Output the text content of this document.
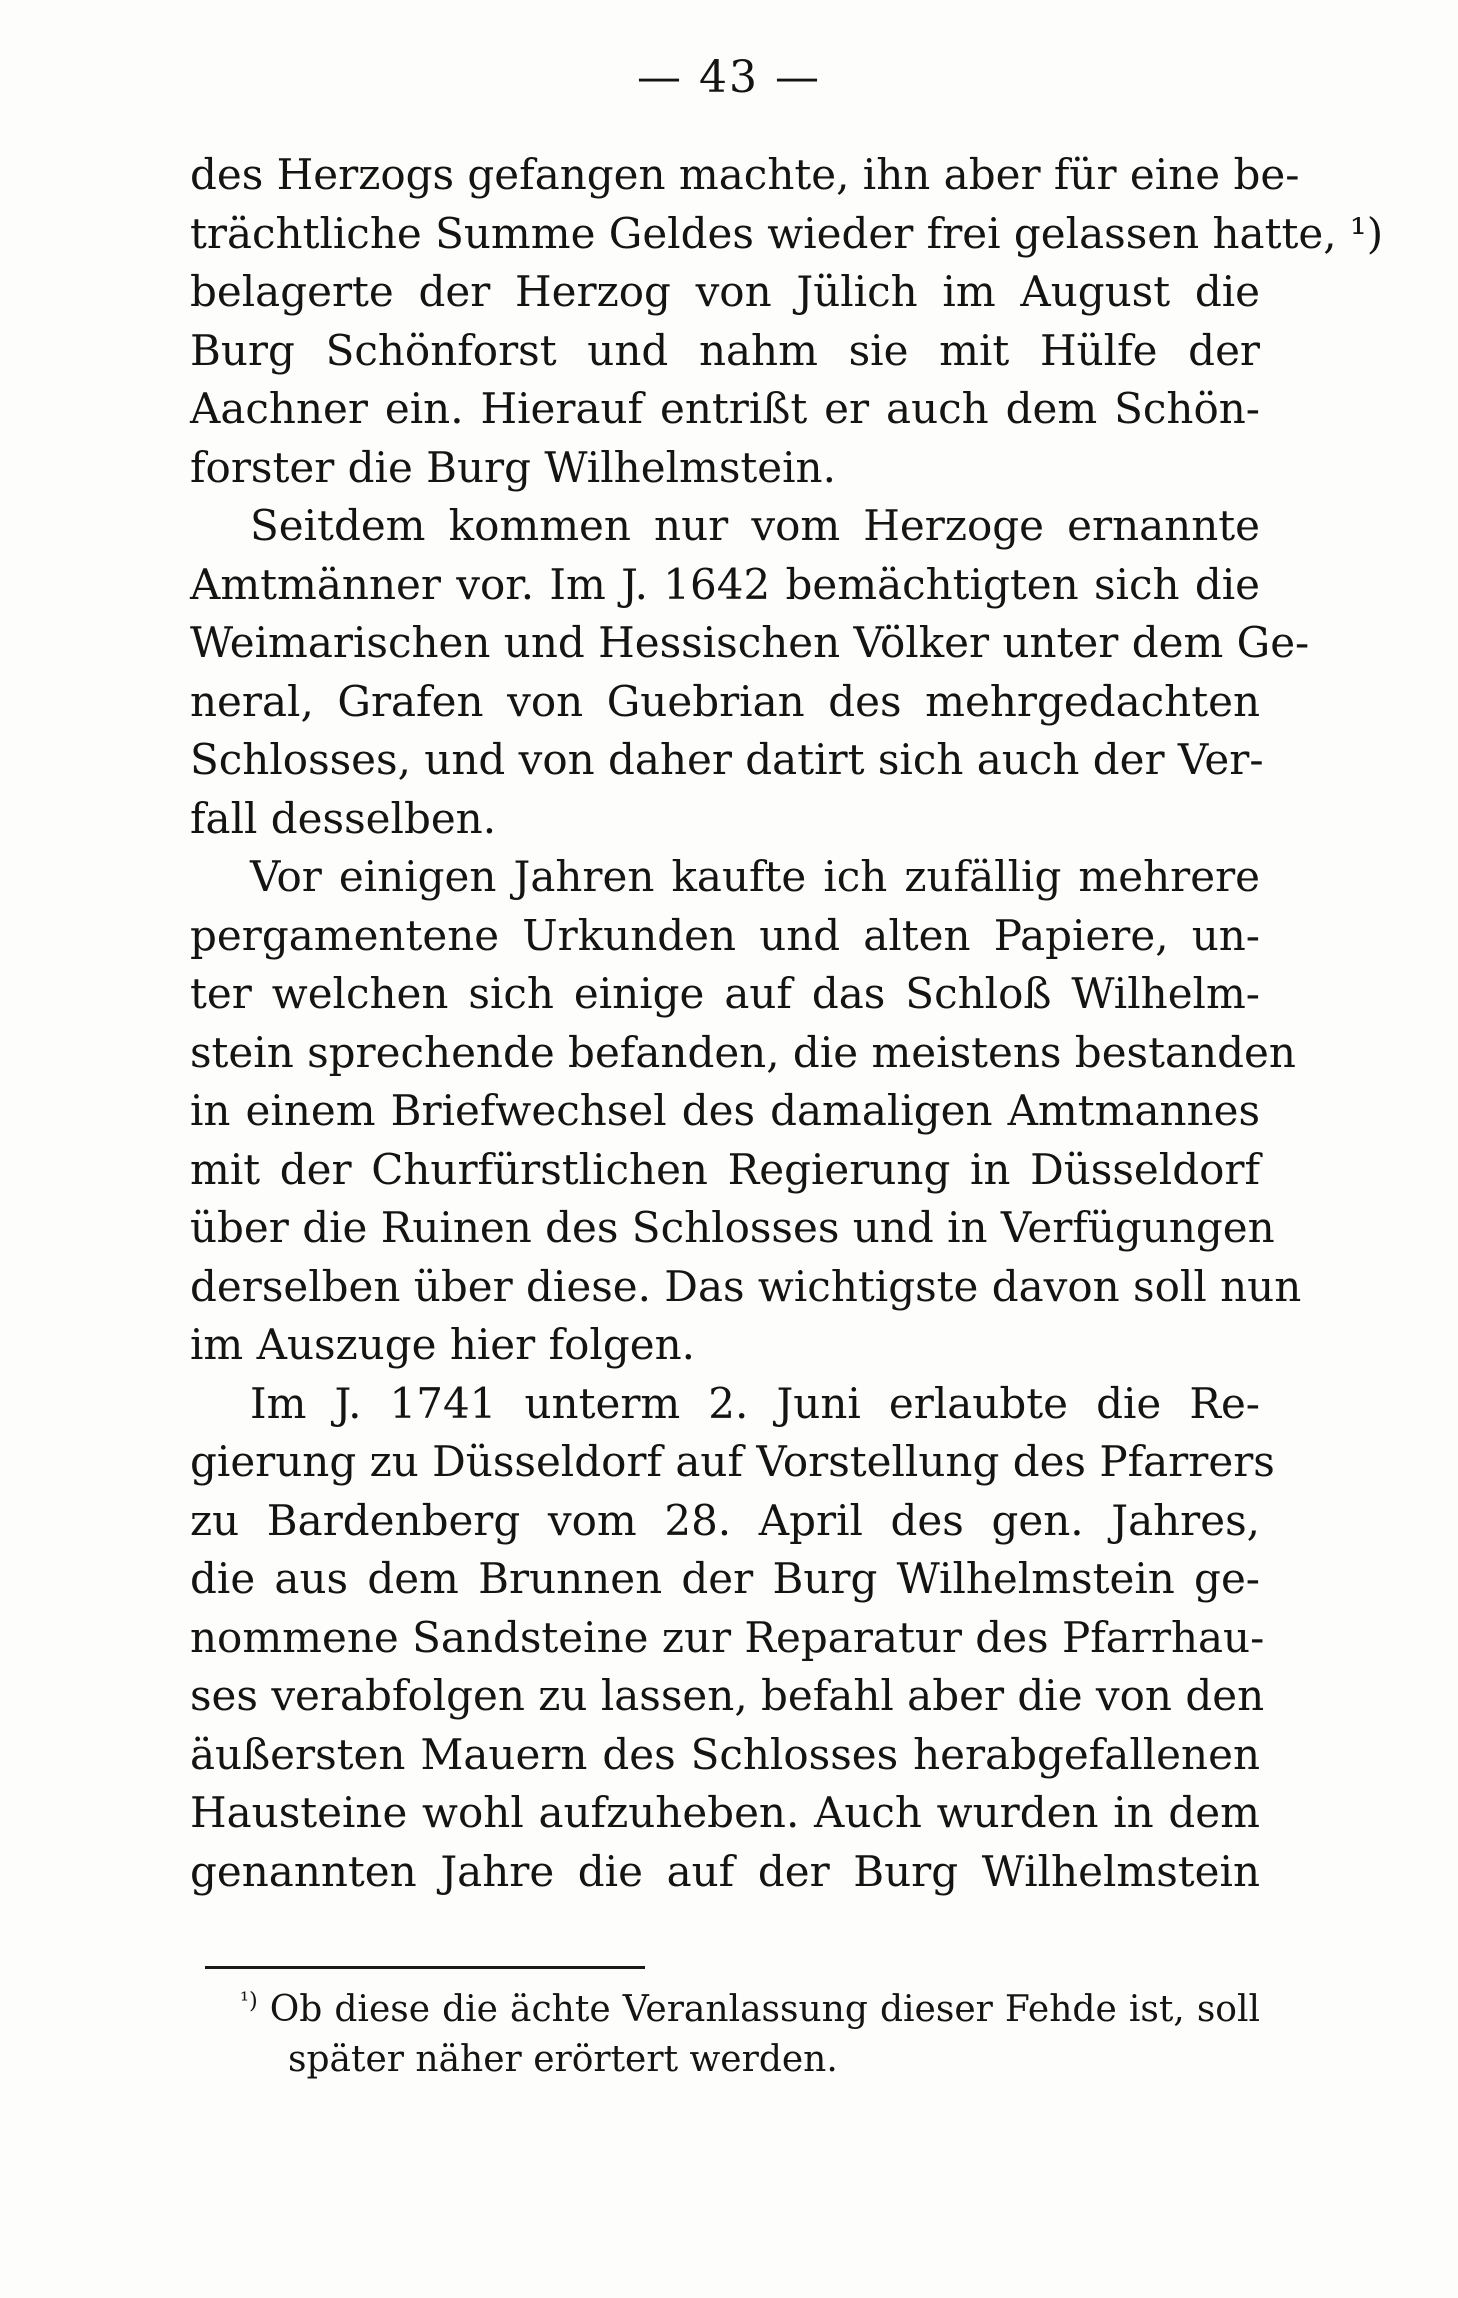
— 43 —
des Herzogs gefangen machte, ihn aber für eine be-
trächtliche Summe Geldes wieder frei gelassen hatte, ¹)
belagerte der Herzog von Jülich im August die
Burg Schönforst und nahm sie mit Hülfe der
Aachner ein. Hierauf entrißt er auch dem Schön-
forster die Burg Wilhelmstein.
Seitdem kommen nur vom Herzoge ernannte
Amtmänner vor. Im J. 1642 bemächtigten sich die
Weimarischen und Hessischen Völker unter dem Ge-
neral, Grafen von Guebrian des mehrgedachten
Schlosses, und von daher datirt sich auch der Ver-
fall desselben.
Vor einigen Jahren kaufte ich zufällig mehrere
pergamentene Urkunden und alten Papiere, un-
ter welchen sich einige auf das Schloß Wilhelm-
stein sprechende befanden, die meistens bestanden
in einem Briefwechsel des damaligen Amtmannes
mit der Churfürstlichen Regierung in Düsseldorf
über die Ruinen des Schlosses und in Verfügungen
derselben über diese. Das wichtigste davon soll nun
im Auszuge hier folgen.
Im J. 1741 unterm 2. Juni erlaubte die Re-
gierung zu Düsseldorf auf Vorstellung des Pfarrers
zu Bardenberg vom 28. April des gen. Jahres,
die aus dem Brunnen der Burg Wilhelmstein ge-
nommene Sandsteine zur Reparatur des Pfarrhau-
ses verabfolgen zu lassen, befahl aber die von den
äußersten Mauern des Schlosses herabgefallenen
Hausteine wohl aufzuheben. Auch wurden in dem
genannten Jahre die auf der Burg Wilhelmstein
$^{^1)}$ Ob diese die ächte Veranlassung dieser Fehde ist, soll
später näher erörtert werden.
